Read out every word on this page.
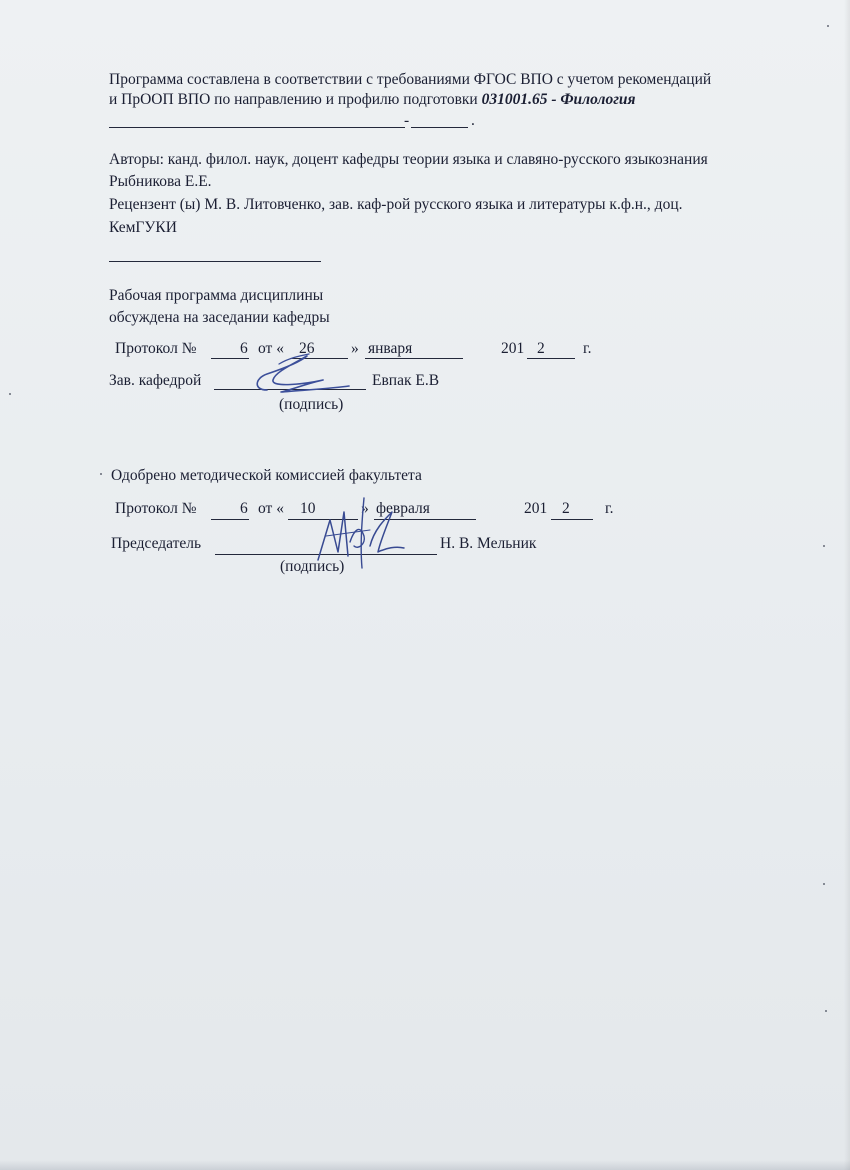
Программа составлена в соответствии с требованиями ФГОС ВПО с учетом рекомендаций
и ПрООП ВПО по направлению и профилю подготовки 031001.65 - Филология
-	.
Авторы: канд. филол. наук, доцент кафедры теории языка и славяно-русского языкознания
Рыбникова Е.Е.
Рецензент (ы) М. В. Литовченко, зав. каф-рой русского языка и литературы к.ф.н., доц.
КемГУКИ
Рабочая программа дисциплины
обсуждена на заседании кафедры
Протокол №	6 от « 26 » января	201 2 г.
Зав. кафедрой	Евпак Е.В
(подпись)
Одобрено методической комиссией факультета
Протокол №	6 от « 10	» февраля	201 2 г.
Председатель	Н. В. Мельник
(подпись)
